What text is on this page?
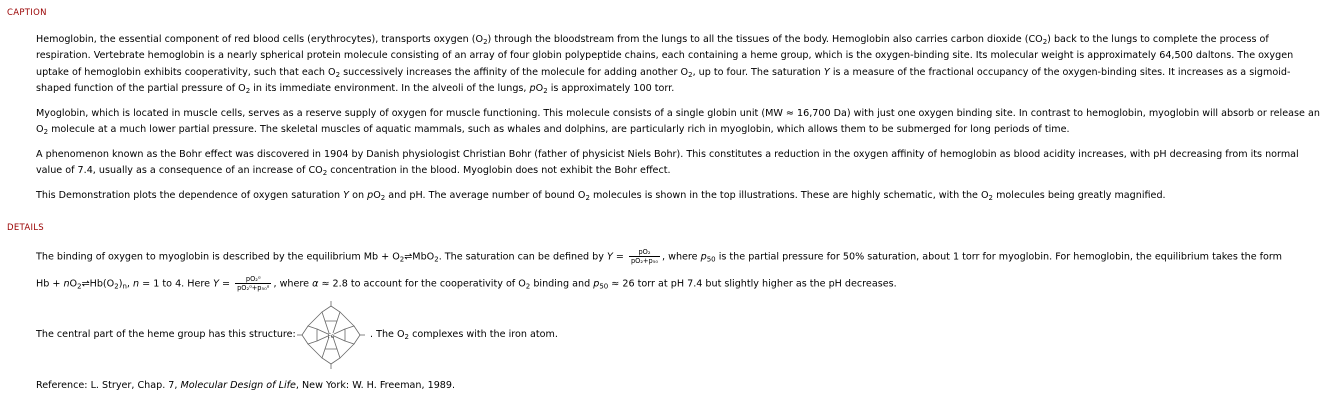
CAPTION

Hemoglobin, the essential component of red blood cells (erythrocytes), transports oxygen $(O_2)$ through the bloodstream from the lungs to all the tissues of the body. Hemoglobin also carries carbon dioxide $(CO_2)$ back to the lungs to complete the process of respiration. Vertebrate hemoglobin is a nearly spherical protein molecule consisting of an array of four globin polypeptide chains, each containing a heme group, which is the oxygen-binding site. Its molecular weight is approximately 64,500 daltons. The oxygen uptake of hemoglobin exhibits cooperativity, such that each $O_2$ successively increases the affinity of the molecule for adding another $O_2$, up to four. The saturation Y is a measure of the fractional occupancy of the oxygen-binding sites. It increases as a sigmoid-shaped function of the partial pressure of $O_2$ in its immediate environment. In the alveoli of the lungs, $pO_2$ is approximately 100 torr.

Myoglobin, which is located in muscle cells, serves as a reserve supply of oxygen for muscle functioning. This molecule consists of a single globin unit (MW ≈ 16,700 Da) with just one oxygen binding site. In contrast to hemoglobin, myoglobin will absorb or release an $O_2$ molecule at a much lower partial pressure. The skeletal muscles of aquatic mammals, such as whales and dolphins, are particularly rich in myoglobin, which allows them to be submerged for long periods of time.

A phenomenon known as the Bohr effect was discovered in 1904 by Danish physiologist Christian Bohr (father of physicist Niels Bohr). This constitutes a reduction in the oxygen affinity of hemoglobin as blood acidity increases, with pH decreasing from its normal value of 7.4, usually as a consequence of an increase of $CO_2$ concentration in the blood. Myoglobin does not exhibit the Bohr effect.

This Demonstration plots the dependence of oxygen saturation Y on $pO_2$ and pH. The average number of bound $O_2$ molecules is shown in the top illustrations. These are highly schematic, with the $O_2$ molecules being greatly magnified.

DETAILS
The binding of oxygen to myoglobin is described by the equilibrium $Mb + O_2\rightleftharpoons MbO_2$. The saturation can be defined by $Y = \frac{\text{pO₂}}{\text{pO₂+p₅₀}}$ , where $p_{50}$ is the partial pressure for 50% saturation, about 1 torr for myoglobin. For hemoglobin, the equilibrium takes the form
$Hb + nO_2\rightleftharpoons Hb(O_2)_n$, n = 1 to 4. Here $Y = \frac{\text{pO₂ᵅ}}{\text{pO₂ᵅ+p₅₀ᵅ}}$ , where α ≈ 2.8 to account for the cooperativity of $O_2$ binding and $p_{50} \approx 26$ torr at pH 7.4 but slightly higher as the pH decreases.
The central part of the heme group has this structure:	Fe	. The $O_2$ complexes with the iron atom.
Reference: L. Stryer, Chap. 7, Molecular Design of Life, New York: W. H. Freeman, 1989.
